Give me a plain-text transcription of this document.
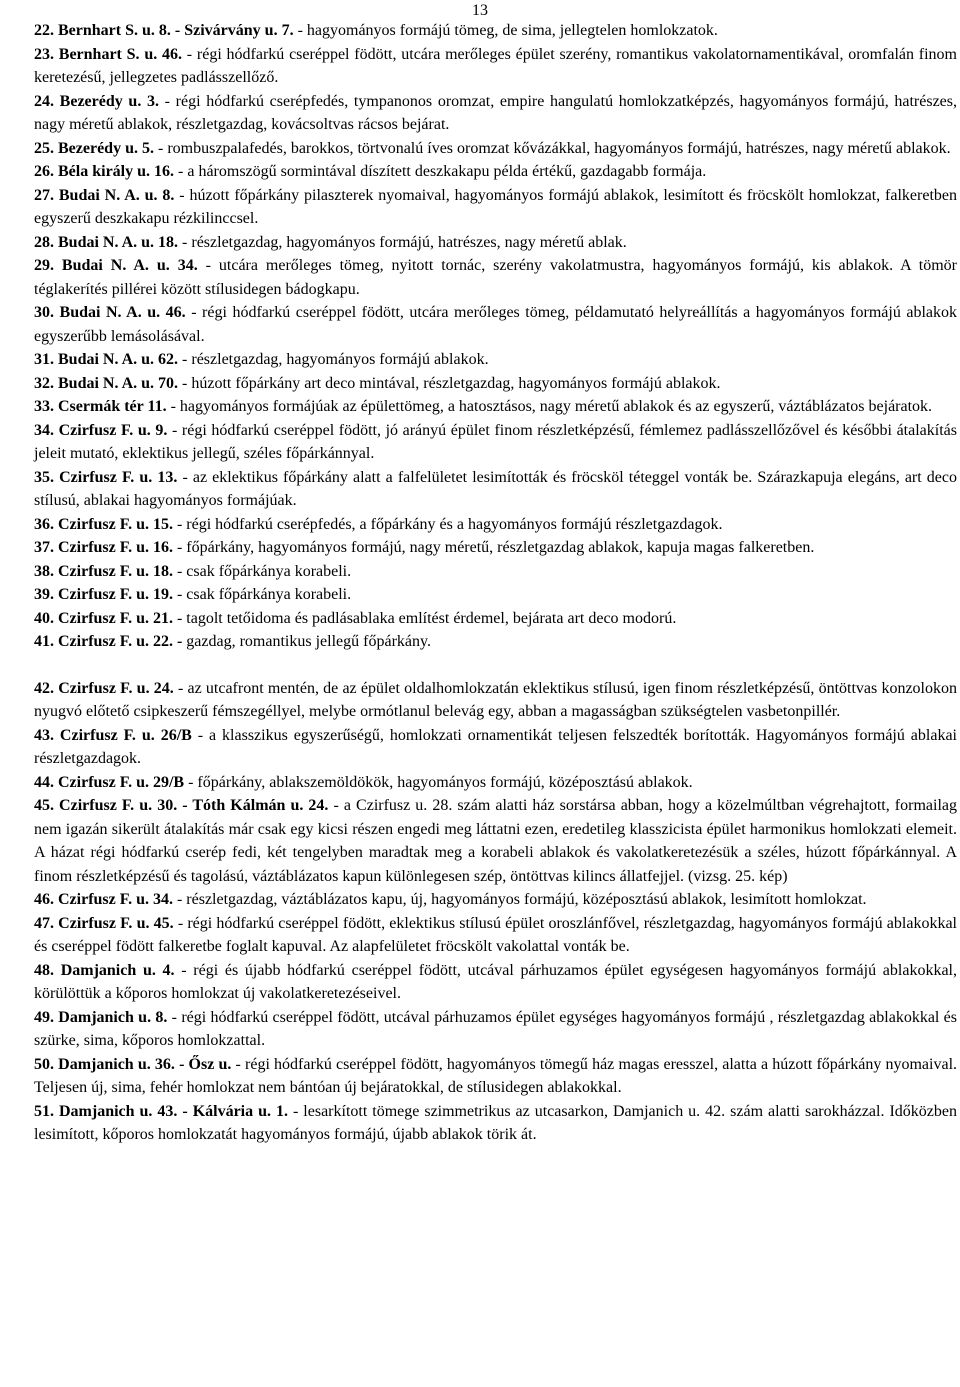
13

22. Bernhart S. u. 8. - Szivárvány u. 7. - hagyományos formájú tömeg, de sima, jellegtelen homlokzatok.

23. Bernhart S. u. 46. - régi hódfarkú cseréppel födött, utcára merőleges épület szerény, romantikus vakolatornamentikával, oromfalán finom keretezésű, jellegzetes padlásszellőző.

24. Bezerédy u. 3. - régi hódfarkú cserépfedés, tympanonos oromzat, empire hangulatú homlokzatképzés, hagyományos formájú, hatrészes, nagy méretű ablakok, részletgazdag, kovácsoltvas rácsos bejárat.

25. Bezerédy u. 5. - rombuszpalafedés, barokkos, törtvonalú íves oromzat kővázákkal, hagyományos formájú, hatrészes, nagy méretű ablakok.

26. Béla király u. 16. - a háromszögű sormintával díszített deszkakapu példa értékű, gazdagabb formája.

27. Budai N. A. u. 8. - húzott főpárkány pilaszterek nyomaival, hagyományos formájú ablakok, lesimított és fröcskölt homlokzat, falkeretben egyszerű deszkakapu rézkilinccsel.

28. Budai N. A. u. 18. - részletgazdag, hagyományos formájú, hatrészes, nagy méretű ablak.

29. Budai N. A. u. 34. - utcára merőleges tömeg, nyitott tornác, szerény vakolatmustra, hagyományos formájú, kis ablakok. A tömör téglakerítés pillérei között stílusidegen bádogkapu.

30. Budai N. A. u. 46. - régi hódfarkú cseréppel födött, utcára merőleges tömeg, példamutató helyreállítás a hagyományos formájú ablakok egyszerűbb lemásolásával.

31. Budai N. A. u. 62. - részletgazdag, hagyományos formájú ablakok.

32. Budai N. A. u. 70. - húzott főpárkány art deco mintával, részletgazdag, hagyományos formájú ablakok.

33. Csermák tér 11. - hagyományos formájúak az épülettömeg, a hatosztásos, nagy méretű ablakok és az egyszerű, váztáblázatos bejáratok.

34. Czirfusz F. u. 9. - régi hódfarkú cseréppel födött, jó arányú épület finom részletképzésű, fémlemez padlásszellőzővel és későbbi átalakítás jeleit mutató, eklektikus jellegű, széles főpárkánnyal.

35. Czirfusz F. u. 13. - az eklektikus főpárkány alatt a falfelületet lesimították és fröcsköl téteggel vonták be. Szárazkapuja elegáns, art deco stílusú, ablakai hagyományos formájúak.

36. Czirfusz F. u. 15. - régi hódfarkú cserépfedés, a főpárkány és a hagyományos formájú részletgazdagok.

37. Czirfusz F. u. 16. - főpárkány, hagyományos formájú, nagy méretű, részletgazdag ablakok, kapuja magas falkeretben.

38. Czirfusz F. u. 18. - csak főpárkánya korabeli.

39. Czirfusz F. u. 19. - csak főpárkánya korabeli.

40. Czirfusz F. u. 21. - tagolt tetőidoma és padlásablaka említést érdemel, bejárata art deco modorú.

41. Czirfusz F. u. 22. - gazdag, romantikus jellegű főpárkány.

42. Czirfusz F. u. 24. - az utcafront mentén, de az épület oldalhomlokzatán eklektikus stílusú, igen finom részletképzésű, öntöttvas konzolokon nyugvó előtető csipkeszerű fémszegéllyel, melybe ormótlanul belevág egy, abban a magasságban szükségtelen vasbetonpillér.

43. Czirfusz F. u. 26/B - a klasszikus egyszerűségű, homlokzati ornamentikát teljesen felszedték borították. Hagyományos formájú ablakai részletgazdagok.

44. Czirfusz F. u. 29/B - főpárkány, ablakszemöldökök, hagyományos formájú, középosztású ablakok.

45. Czirfusz F. u. 30. - Tóth Kálmán u. 24. - a Czirfusz u. 28. szám alatti ház sorstársa abban, hogy a közelmúltban végrehajtott, formailag nem igazán sikerült átalakítás már csak egy kicsi részen engedi meg láttatni ezen, eredetileg klasszicista épület harmonikus homlokzati elemeit. A házat régi hódfarkú cserép fedi, két tengelyben maradtak meg a korabeli ablakok és vakolatkeretezésük a széles, húzott főpárkánnyal. A finom részletképzésű és tagolású, váztáblázatos kapun különlegesen szép, öntöttvas kilincs állatfejjel. (vizsg. 25. kép)

46. Czirfusz F. u. 34. - részletgazdag, váztáblázatos kapu, új, hagyományos formájú, középosztású ablakok, lesimított homlokzat.

47. Czirfusz F. u. 45. - régi hódfarkú cseréppel födött, eklektikus stílusú épület oroszlánfővel, részletgazdag, hagyományos formájú ablakokkal és cseréppel födött falkeretbe foglalt kapuval. Az alapfelületet fröcskölt vakolattal vonták be.

48. Damjanich u. 4. - régi és újabb hódfarkú cseréppel födött, utcával párhuzamos épület egységesen hagyományos formájú ablakokkal, körülöttük a kőporos homlokzat új vakolatkeretezéseivel.

49. Damjanich u. 8. - régi hódfarkú cseréppel födött, utcával párhuzamos épület egységes hagyományos formájú , részletgazdag ablakokkal és szürke, sima, kőporos homlokzattal.

50. Damjanich u. 36. - Ősz u. - régi hódfarkú cseréppel födött, hagyományos tömegű ház magas eresszel, alatta a húzott főpárkány nyomaival. Teljesen új, sima, fehér homlokzat nem bántóan új bejáratokkal, de stílusidegen ablakokkal.

51. Damjanich u. 43. - Kálvária u. 1. - lesarkított tömege szimmetrikus az utcasarkon, Damjanich u. 42. szám alatti sarokházzal. Időközben lesimított, kőporos homlokzatát hagyományos formájú, újabb ablakok törik át.
